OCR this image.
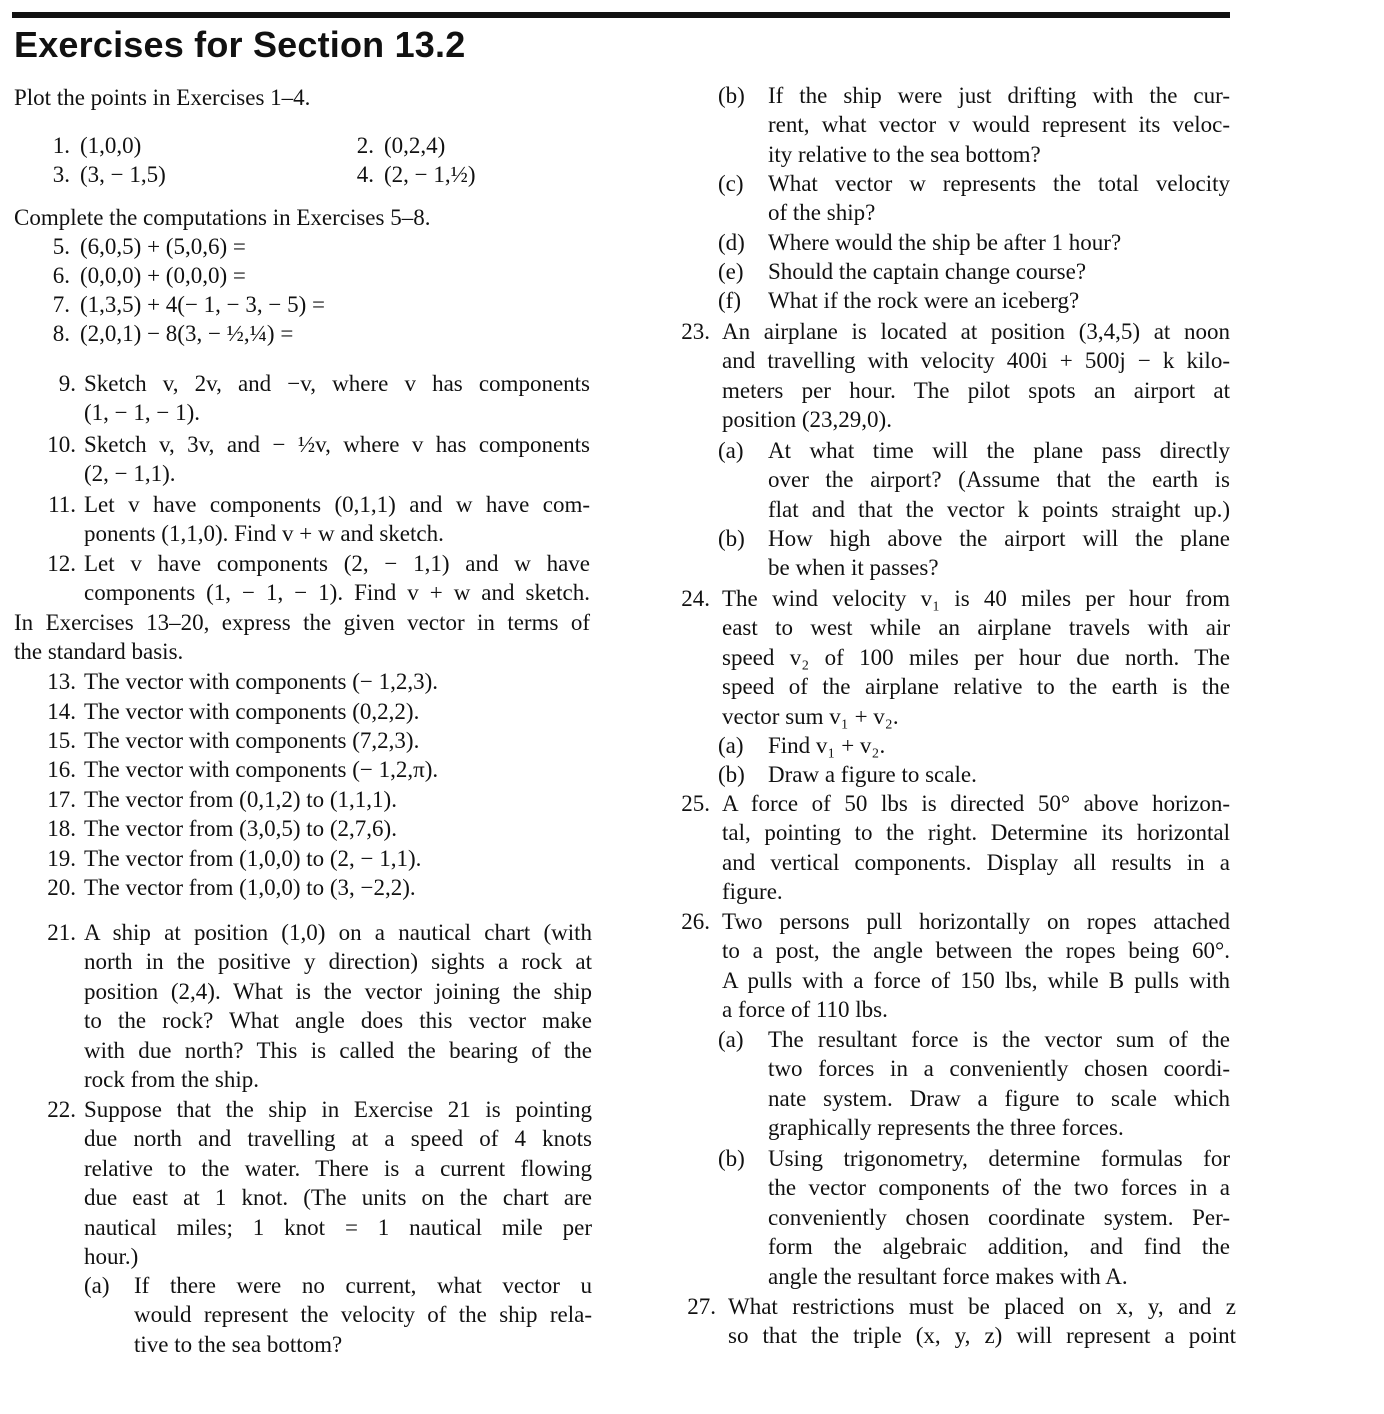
Exercises for Section 13.2
Plot the points in Exercises 1–4.
1. (1,0,0)	2. (0,2,4)
3. (3, − 1,5)	4. (2, − 1,½)
Complete the computations in Exercises 5–8.
5. (6,0,5) + (5,0,6) =
6. (0,0,0) + (0,0,0) =
7. (1,3,5) + 4(− 1, − 3, − 5) =
8. (2,0,1) − 8(3, − ½,¼) =
9. Sketch v, 2v, and −v, where v has components

(1, − 1, − 1).

10. Sketch v, 3v, and − ½v, where v has components

(2, − 1,1).

11. Let v have components (0,1,1) and w have com-

ponents (1,1,0). Find v + w and sketch.

12. Let v have components (2, − 1,1) and w have

components (1, − 1, − 1). Find v + w and sketch.

In Exercises 13–20, express the given vector in terms of

the standard basis.

13. The vector with components (− 1,2,3).
14. The vector with components (0,2,2).
15. The vector with components (7,2,3).
16. The vector with components (− 1,2,π).
17. The vector from (0,1,2) to (1,1,1).
18. The vector from (3,0,5) to (2,7,6).
19. The vector from (1,0,0) to (2, − 1,1).
20. The vector from (1,0,0) to (3, −2,2).
21. A ship at position (1,0) on a nautical chart (with

north in the positive y direction) sights a rock at

position (2,4). What is the vector joining the ship

to the rock? What angle does this vector make

with due north? This is called the bearing of the

rock from the ship.

22. Suppose that the ship in Exercise 21 is pointing

due north and travelling at a speed of 4 knots

relative to the water. There is a current flowing

due east at 1 knot. (The units on the chart are

nautical miles; 1 knot = 1 nautical mile per

hour.)

(a) If there were no current, what vector u

would represent the velocity of the ship rela-

tive to the sea bottom?

(b) If the ship were just drifting with the cur-

rent, what vector v would represent its veloc-

ity relative to the sea bottom?

(c) What vector w represents the total velocity

of the ship?

(d) Where would the ship be after 1 hour?

(e) Should the captain change course?

(f) What if the rock were an iceberg?

23. An airplane is located at position (3,4,5) at noon

and travelling with velocity 400i + 500j − k kilo-

meters per hour. The pilot spots an airport at

position (23,29,0).

(a) At what time will the plane pass directly

over the airport? (Assume that the earth is

flat and that the vector k points straight up.)

(b) How high above the airport will the plane

be when it passes?

24. The wind velocity v₁ is 40 miles per hour from

east to west while an airplane travels with air

speed v₂ of 100 miles per hour due north. The

speed of the airplane relative to the earth is the

vector sum v₁ + v₂.

(a) Find v₁ + v₂.

(b) Draw a figure to scale.

25. A force of 50 lbs is directed 50° above horizon-

tal, pointing to the right. Determine its horizontal

and vertical components. Display all results in a

figure.

26. Two persons pull horizontally on ropes attached

to a post, the angle between the ropes being 60°.

A pulls with a force of 150 lbs, while B pulls with

a force of 110 lbs.

(a) The resultant force is the vector sum of the

two forces in a conveniently chosen coordi-

nate system. Draw a figure to scale which

graphically represents the three forces.

(b) Using trigonometry, determine formulas for

the vector components of the two forces in a

conveniently chosen coordinate system. Per-

form the algebraic addition, and find the

angle the resultant force makes with A.

27. What restrictions must be placed on x, y, and z

so that the triple (x, y, z) will represent a point
